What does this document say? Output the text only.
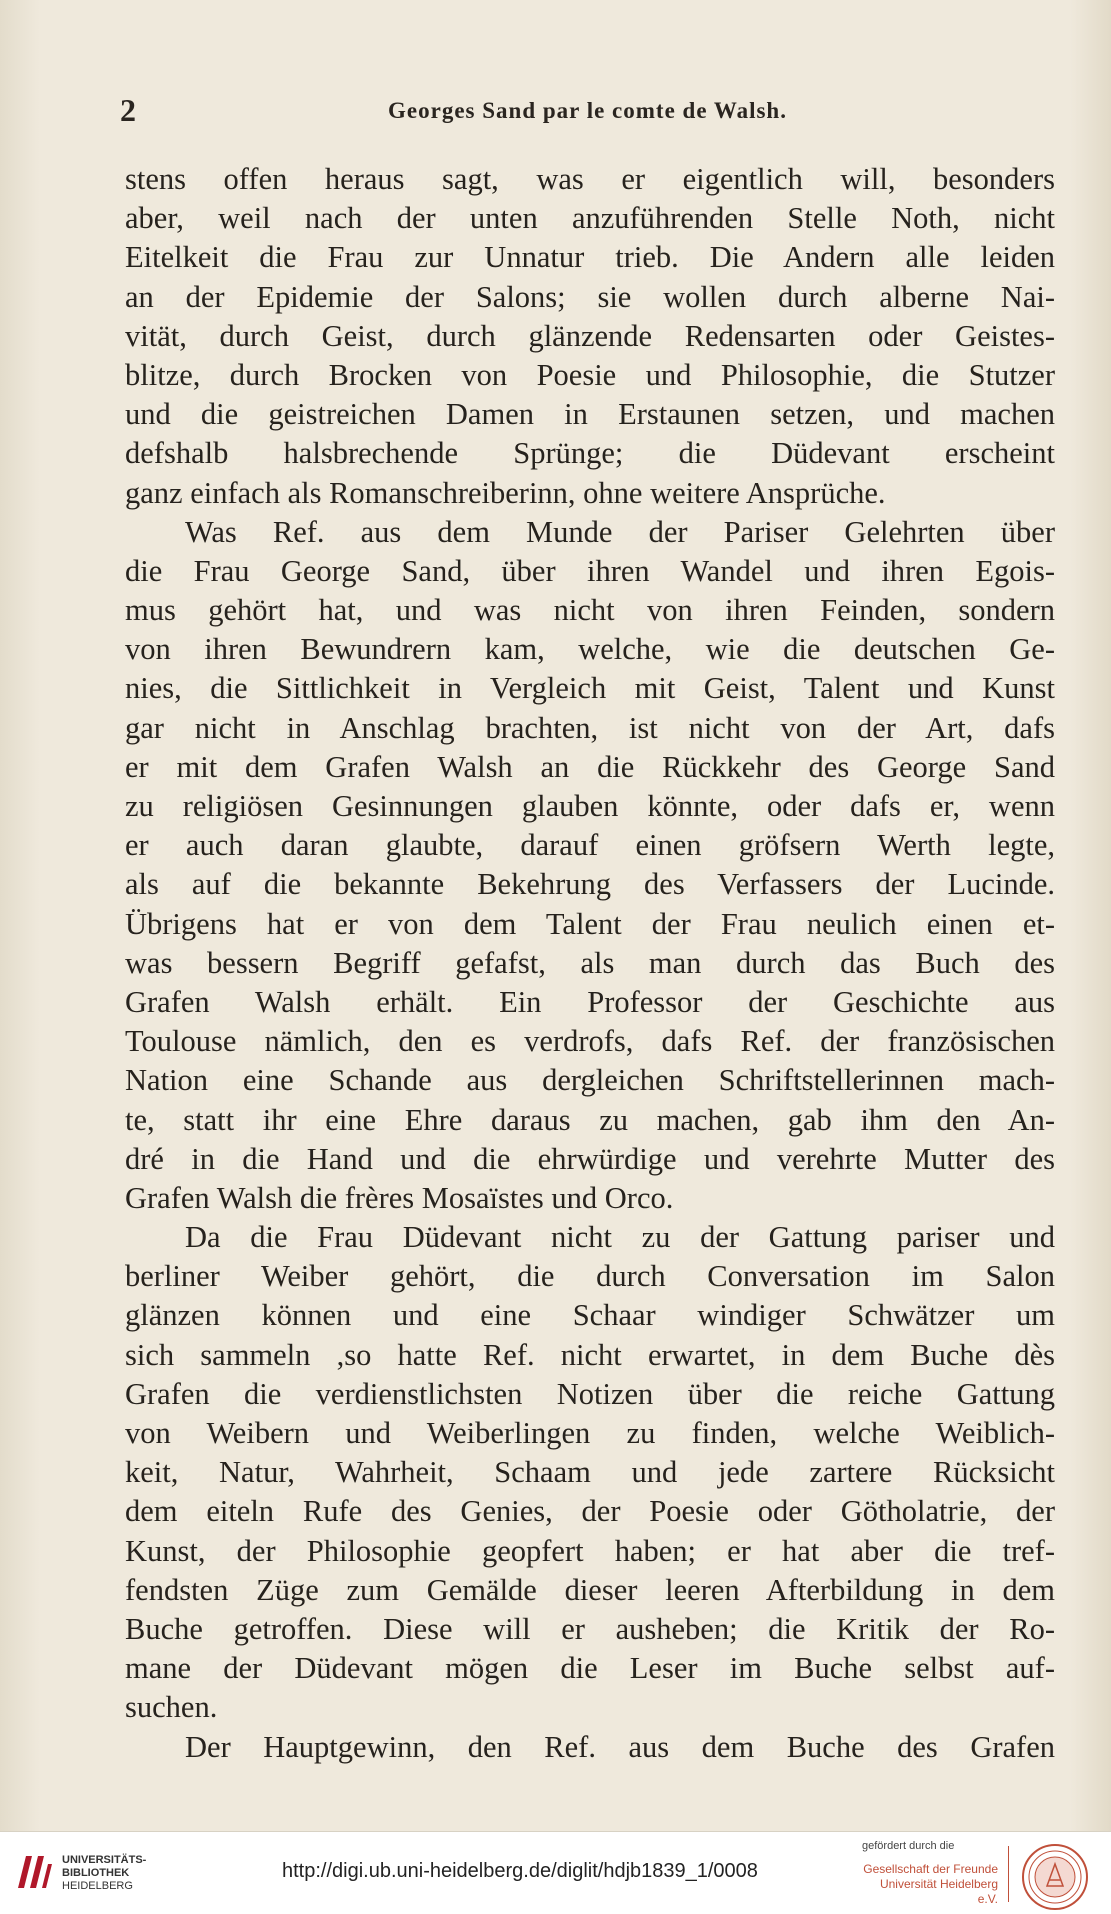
2	Georges Sand par le comte de Walsh.
stens offen heraus sagt, was er eigentlich will, besonders
aber, weil nach der unten anzuführenden Stelle Noth, nicht
Eitelkeit die Frau zur Unnatur trieb. Die Andern alle leiden
an der Epidemie der Salons; sie wollen durch alberne Nai-
vität, durch Geist, durch glänzende Redensarten oder Geistes-
blitze, durch Brocken von Poesie und Philosophie, die Stutzer
und die geistreichen Damen in Erstaunen setzen, und machen
defshalb halsbrechende Sprünge; die Düdevant erscheint
ganz einfach als Romanschreiberinn, ohne weitere Ansprüche.
Was Ref. aus dem Munde der Pariser Gelehrten über
die Frau George Sand, über ihren Wandel und ihren Egois-
mus gehört hat, und was nicht von ihren Feinden, sondern
von ihren Bewundrern kam, welche, wie die deutschen Ge-
nies, die Sittlichkeit in Vergleich mit Geist, Talent und Kunst
gar nicht in Anschlag brachten, ist nicht von der Art, dafs
er mit dem Grafen Walsh an die Rückkehr des George Sand
zu religiösen Gesinnungen glauben könnte, oder dafs er, wenn
er auch daran glaubte, darauf einen gröfsern Werth legte,
als auf die bekannte Bekehrung des Verfassers der Lucinde.
Übrigens hat er von dem Talent der Frau neulich einen et-
was bessern Begriff gefafst, als man durch das Buch des
Grafen Walsh erhält. Ein Professor der Geschichte aus
Toulouse nämlich, den es verdrofs, dafs Ref. der französischen
Nation eine Schande aus dergleichen Schriftstellerinnen mach-
te, statt ihr eine Ehre daraus zu machen, gab ihm den An-
dré in die Hand und die ehrwürdige und verehrte Mutter des
Grafen Walsh die frères Mosaïstes und Orco.
Da die Frau Düdevant nicht zu der Gattung pariser und
berliner Weiber gehört, die durch Conversation im Salon
glänzen können und eine Schaar windiger Schwätzer um
sich sammeln ,so hatte Ref. nicht erwartet, in dem Buche dès
Grafen die verdienstlichsten Notizen über die reiche Gattung
von Weibern und Weiberlingen zu finden, welche Weiblich-
keit, Natur, Wahrheit, Schaam und jede zartere Rücksicht
dem eiteln Rufe des Genies, der Poesie oder Götholatrie, der
Kunst, der Philosophie geopfert haben; er hat aber die tref-
fendsten Züge zum Gemälde dieser leeren Afterbildung in dem
Buche getroffen. Diese will er ausheben; die Kritik der Ro-
mane der Düdevant mögen die Leser im Buche selbst auf-
suchen.
Der Hauptgewinn, den Ref. aus dem Buche des Grafen
UNIVERSITÄTS-
BIBLIOTHEK
HEIDELBERG
http://digi.ub.uni-heidelberg.de/diglit/hdjb1839_1/0008
gefördert durch die
Gesellschaft der Freunde
Universität Heidelberg e.V.
